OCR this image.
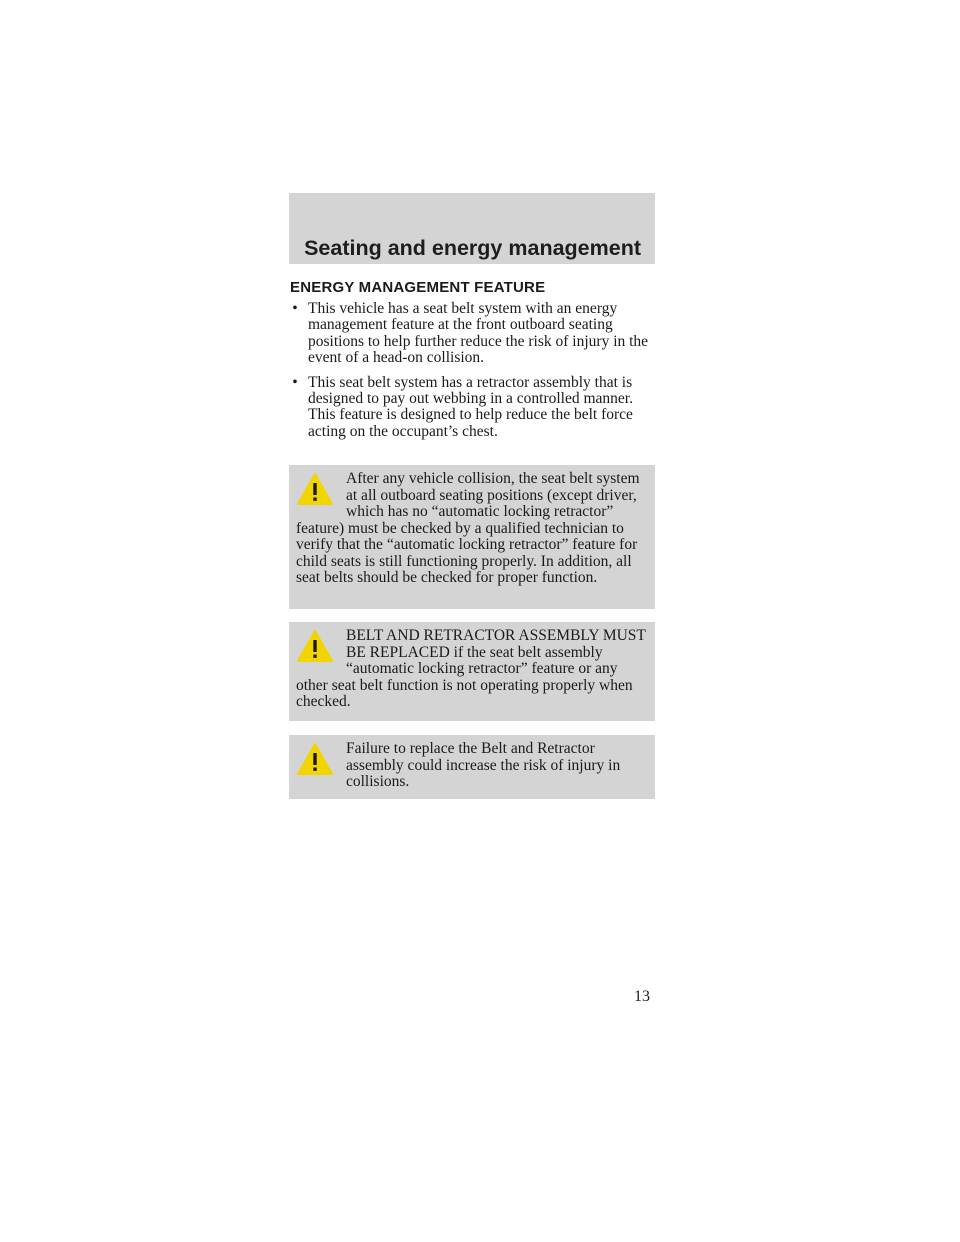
Seating and energy management
ENERGY MANAGEMENT FEATURE
• This vehicle has a seat belt system with an energy management feature at the front outboard seating positions to help further reduce the risk of injury in the event of a head-on collision.
• This seat belt system has a retractor assembly that is designed to pay out webbing in a controlled manner. This feature is designed to help reduce the belt force acting on the occupant’s chest.

After any vehicle collision, the seat belt system at all outboard seating positions (except driver, which has no “automatic locking retractor” feature) must be checked by a qualified technician to verify that the “automatic locking retractor” feature for child seats is still functioning properly. In addition, all seat belts should be checked for proper function.

BELT AND RETRACTOR ASSEMBLY MUST BE REPLACED if the seat belt assembly “automatic locking retractor” feature or any other seat belt function is not operating properly when checked.

Failure to replace the Belt and Retractor assembly could increase the risk of injury in collisions.

13
